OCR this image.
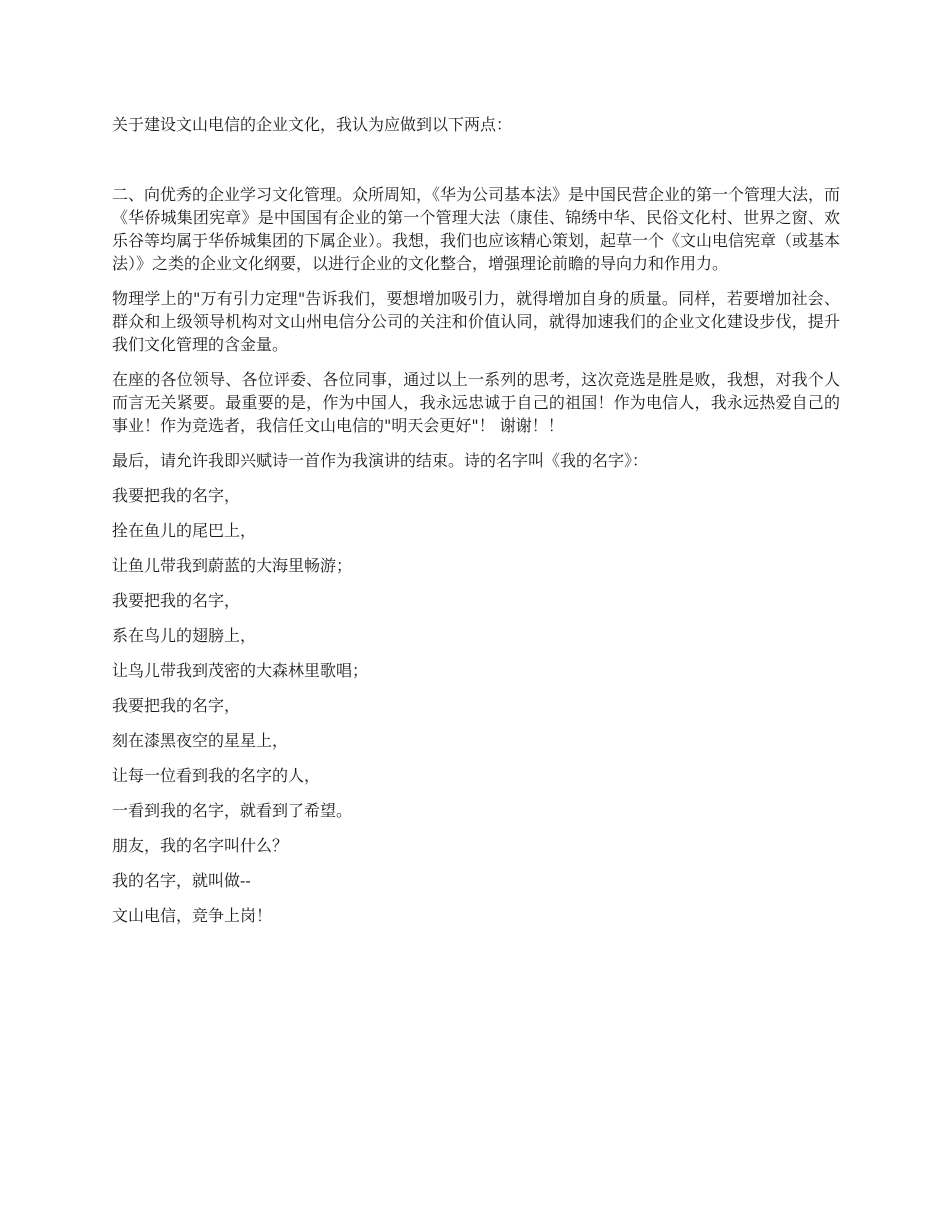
关于建设文山电信的企业文化，我认为应做到以下两点：

二、向优秀的企业学习文化管理。众所周知，《华为公司基本法》是中国民营企业的第一个管理大法，而《华侨城集团宪章》是中国国有企业的第一个管理大法（康佳、锦绣中华、民俗文化村、世界之窗、欢乐谷等均属于华侨城集团的下属企业）。我想，我们也应该精心策划，起草一个《文山电信宪章（或基本法）》之类的企业文化纲要，以进行企业的文化整合，增强理论前瞻的导向力和作用力。

物理学上的"万有引力定理"告诉我们，要想增加吸引力，就得增加自身的质量。同样，若要增加社会、群众和上级领导机构对文山州电信分公司的关注和价值认同，就得加速我们的企业文化建设步伐，提升我们文化管理的含金量。

在座的各位领导、各位评委、各位同事，通过以上一系列的思考，这次竞选是胜是败，我想，对我个人而言无关紧要。最重要的是，作为中国人，我永远忠诚于自己的祖国！作为电信人，我永远热爱自己的事业！作为竞选者，我信任文山电信的"明天会更好"！ 谢谢！！

最后，请允许我即兴赋诗一首作为我演讲的结束。诗的名字叫《我的名字》：

我要把我的名字，

拴在鱼儿的尾巴上，

让鱼儿带我到蔚蓝的大海里畅游；

我要把我的名字，

系在鸟儿的翅膀上，

让鸟儿带我到茂密的大森林里歌唱；

我要把我的名字，

刻在漆黑夜空的星星上，

让每一位看到我的名字的人，

一看到我的名字，就看到了希望。

朋友，我的名字叫什么？

我的名字，就叫做--

文山电信，竞争上岗！
